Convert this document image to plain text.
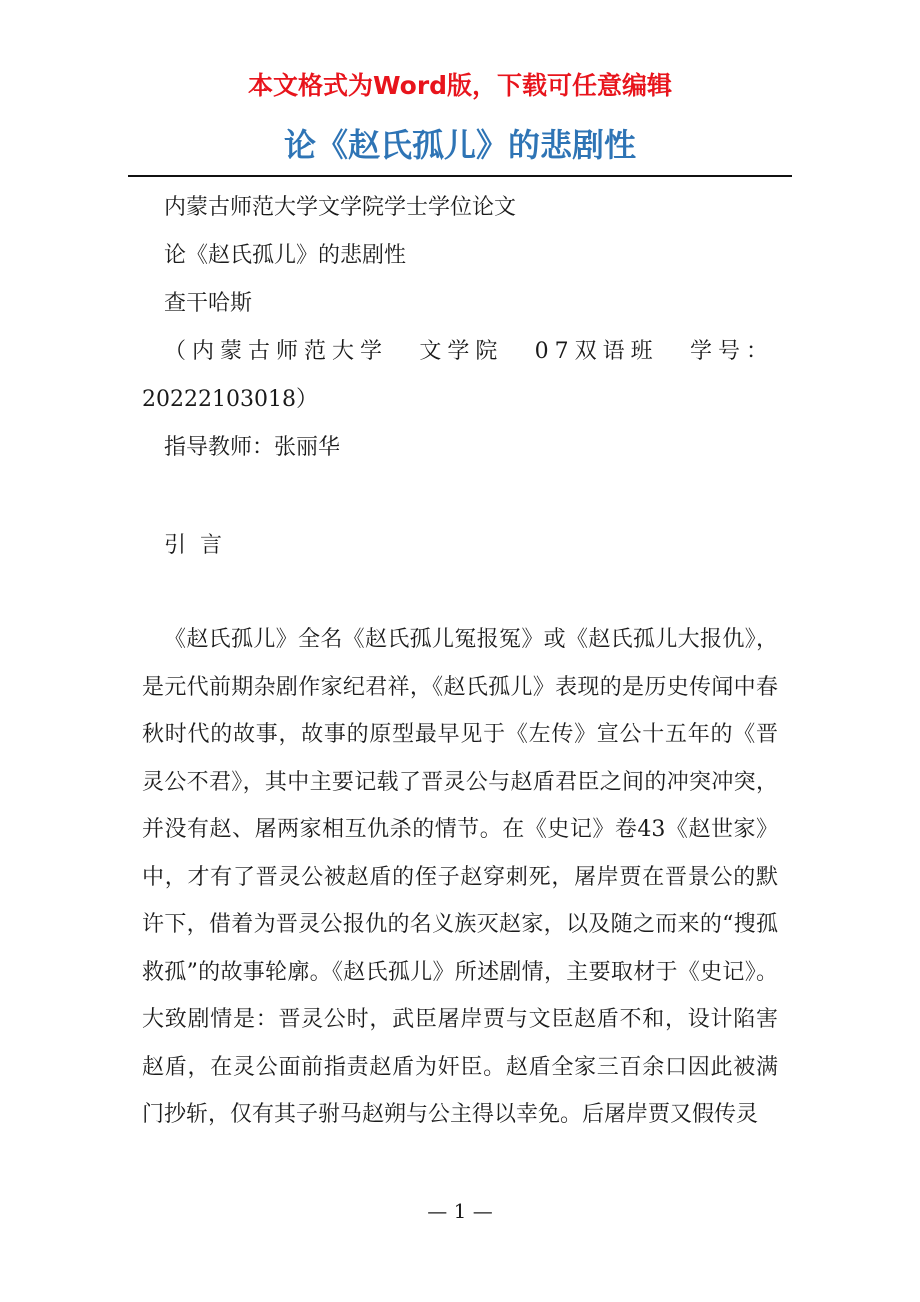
本文格式为Word版，下载可任意编辑
论《赵氏孤儿》的悲剧性
内蒙古师范大学文学院学士学位论文
论《赵氏孤儿》的悲剧性
查干哈斯
（内蒙古师范大学 文学院 07双语班 学号：
20222103018）
指导教师：张丽华
引言

《赵氏孤儿》全名《赵氏孤儿冤报冤》或《赵氏孤儿大报仇》，是元代前期杂剧作家纪君祥，《赵氏孤儿》表现的是历史传闻中春秋时代的故事，故事的原型最早见于《左传》宣公十五年的《晋灵公不君》，其中主要记载了晋灵公与赵盾君臣之间的冲突冲突，并没有赵、屠两家相互仇杀的情节。在《史记》卷43《赵世家》中，才有了晋灵公被赵盾的侄子赵穿刺死，屠岸贾在晋景公的默许下，借着为晋灵公报仇的名义族灭赵家，以及随之而来的“搜孤救孤”的故事轮廓。《赵氏孤儿》所述剧情，主要取材于《史记》。大致剧情是：晋灵公时，武臣屠岸贾与文臣赵盾不和，设计陷害赵盾，在灵公面前指责赵盾为奸臣。赵盾全家三百余口因此被满门抄斩，仅有其子驸马赵朔与公主得以幸免。后屠岸贾又假传灵

— 1 —
